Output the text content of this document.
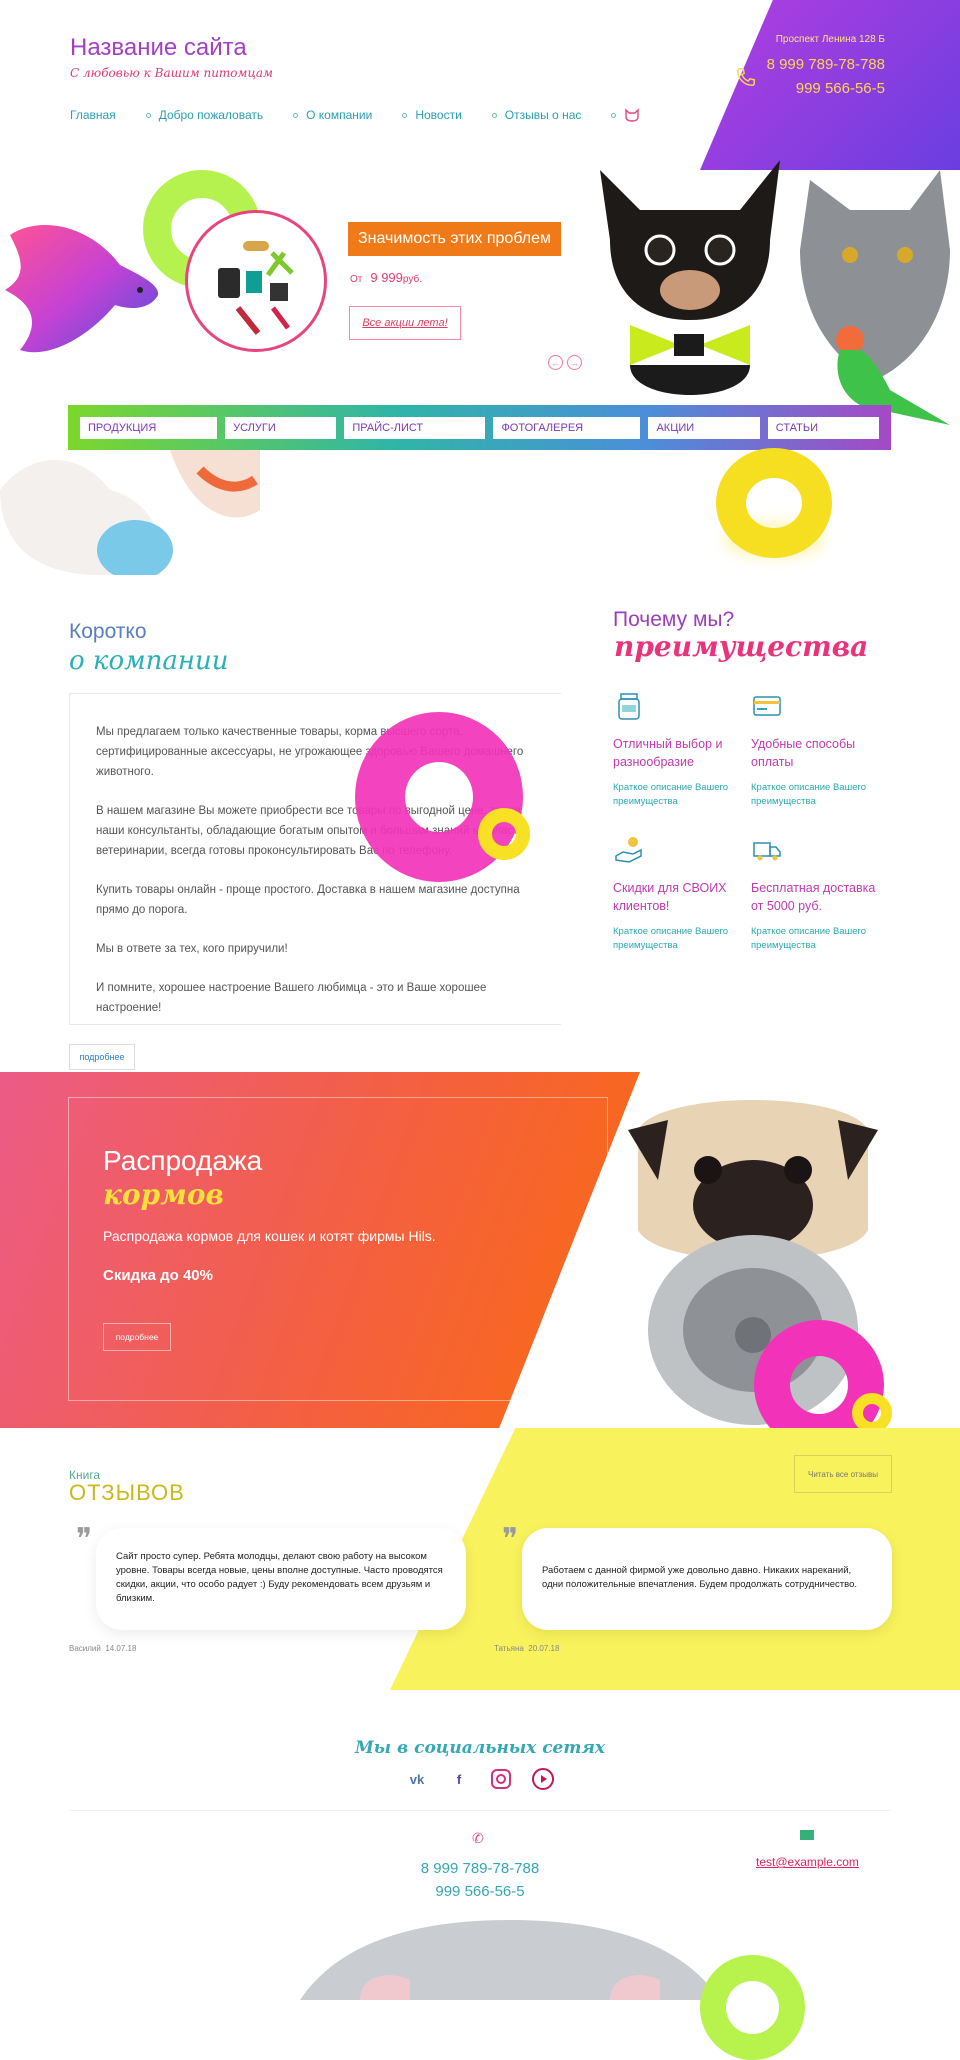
Название сайта
С любовью к Вашим питомцам
Проспект Ленина 128 Б
8 999 789-78-788
999 566-56-5
Главная	Добро пожаловать	О компании	Новости	Отзывы о нас
Значимость этих проблем
От 9 999руб.
Все акции лета!
←	→
ПРОДУКЦИЯ	УСЛУГИ	ПРАЙС-ЛИСТ	ФОТОГАЛЕРЕЯ	АКЦИИ	СТАТЬИ
Коротко
о компании

Мы предлагаем только качественные товары, корма высшего сорта, сертифицированные аксессуары, не угрожающее здоровью Вашего домашнего животного.

В нашем магазине Вы можете приобрести все товары по выгодной цене, также наши консультанты, обладающие богатым опытом и большим знаний в области ветеринарии, всегда готовы проконсультировать Вас по телефону.

Купить товары онлайн - проще простого. Доставка в нашем магазине доступна прямо до порога.

Мы в ответе за тех, кого приручили!

И помните, хорошее настроение Вашего любимца - это и Ваше хорошее настроение!

подробнее
Почему мы?
преимущества
Отличный выбор и разнообразие
Краткое описание Вашего преимущества
Удобные способы оплаты
Краткое описание Вашего преимущества
Скидки для СВОИХ клиентов!
Краткое описание Вашего преимущества
Бесплатная доставка от 5000 руб.
Краткое описание Вашего преимущества
Распродажа
кормов
Распродажа кормов для кошек и котят фирмы Hils.
Скидка до 40%
подробнее
Книга
ОТЗЫВОВ
Читать все отзывы
❞	Сайт просто супер. Ребята молодцы, делают свою работу на высоком уровне. Товары всегда новые, цены вполне доступные. Часто проводятся скидки, акции, что особо радует :) Буду рекомендовать всем друзьям и близким.
Василий 14.07.18
❞
Работаем с данной фирмой уже довольно давно. Никаких нареканий, одни положительные впечатления. Будем продолжать сотрудничество.
Татьяна 20.07.18
Мы в социальных сетях
vk	f
✆
8 999 789-78-788
999 566-56-5
test@example.com
